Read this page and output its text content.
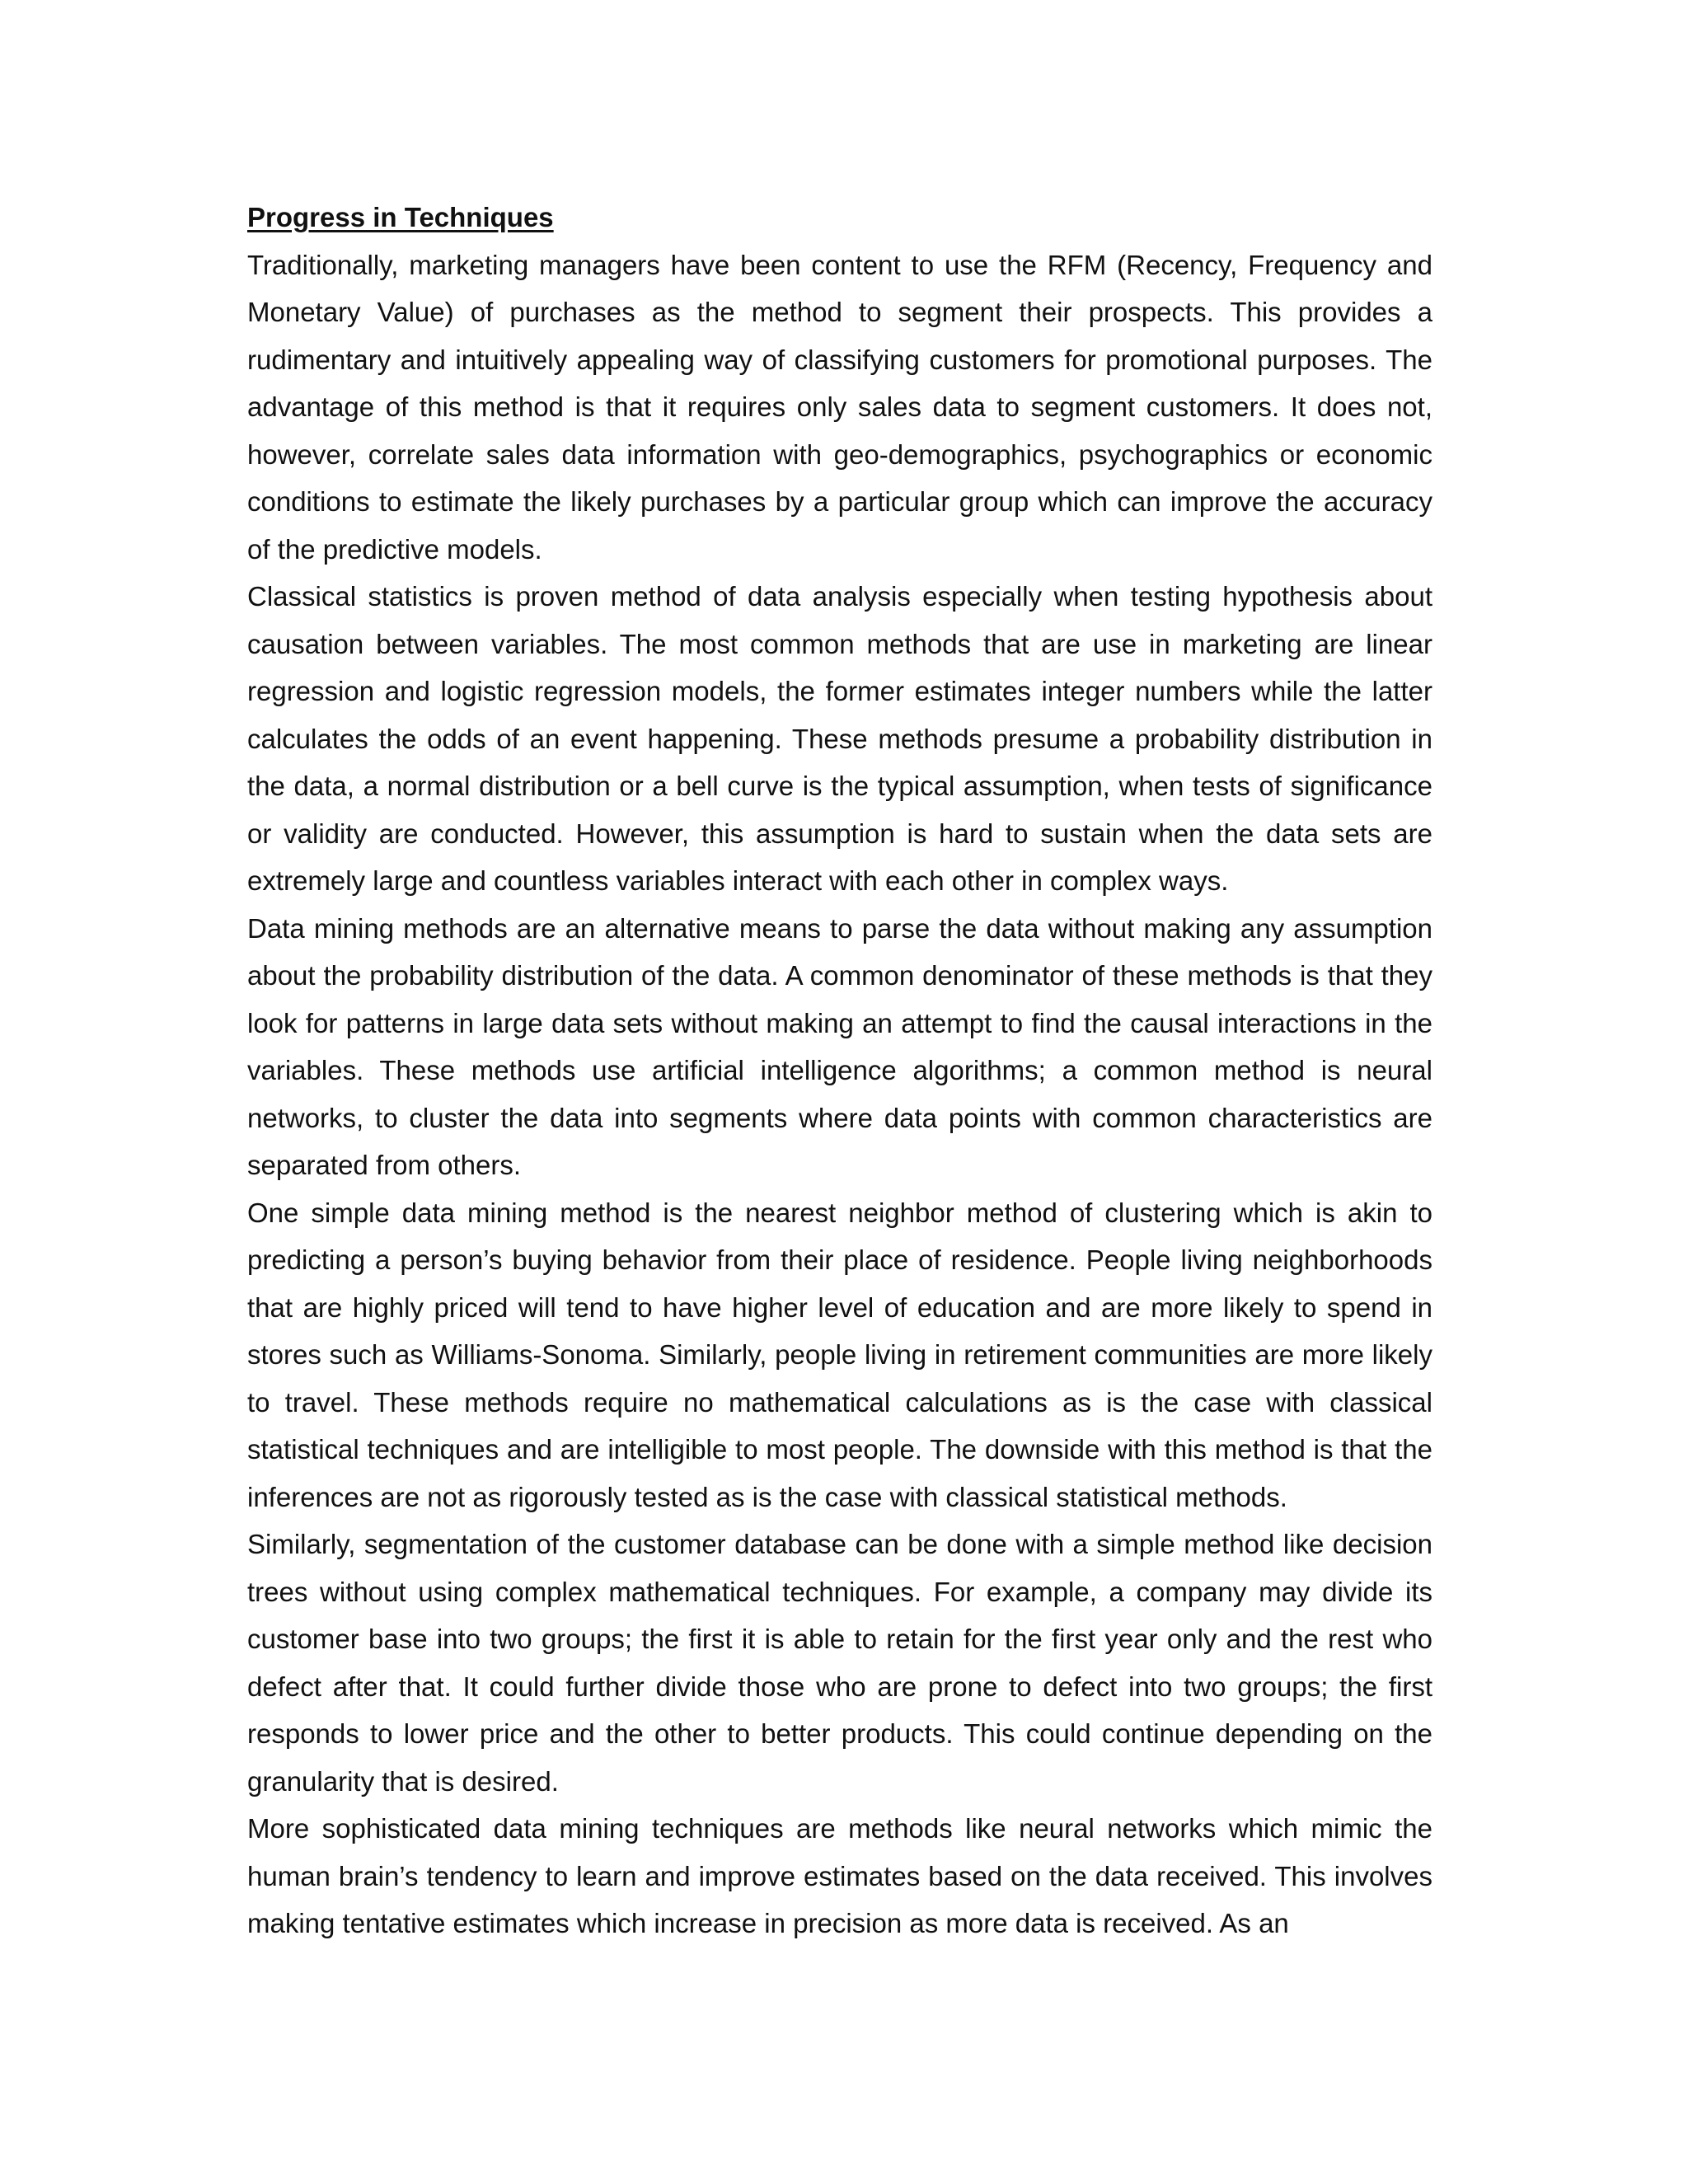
Progress in Techniques

Traditionally, marketing managers have been content to use the RFM (Recency, Frequency and Monetary Value) of purchases as the method to segment their prospects. This provides a rudimentary and intuitively appealing way of classifying customers for promotional purposes. The advantage of this method is that it requires only sales data to segment customers. It does not, however, correlate sales data information with geo-demographics, psychographics or economic conditions to estimate the likely purchases by a particular group which can improve the accuracy of the predictive models.

Classical statistics is proven method of data analysis especially when testing hypothesis about causation between variables. The most common methods that are use in marketing are linear regression and logistic regression models, the former estimates integer numbers while the latter calculates the odds of an event happening. These methods presume a probability distribution in the data, a normal distribution or a bell curve is the typical assumption, when tests of significance or validity are conducted. However, this assumption is hard to sustain when the data sets are extremely large and countless variables interact with each other in complex ways.

Data mining methods are an alternative means to parse the data without making any assumption about the probability distribution of the data. A common denominator of these methods is that they look for patterns in large data sets without making an attempt to find the causal interactions in the variables. These methods use artificial intelligence algorithms; a common method is neural networks, to cluster the data into segments where data points with common characteristics are separated from others.

One simple data mining method is the nearest neighbor method of clustering which is akin to predicting a person’s buying behavior from their place of residence. People living neighborhoods that are highly priced will tend to have higher level of education and are more likely to spend in stores such as Williams-Sonoma. Similarly, people living in retirement communities are more likely to travel. These methods require no mathematical calculations as is the case with classical statistical techniques and are intelligible to most people. The downside with this method is that the inferences are not as rigorously tested as is the case with classical statistical methods.

Similarly, segmentation of the customer database can be done with a simple method like decision trees without using complex mathematical techniques. For example, a company may divide its customer base into two groups; the first it is able to retain for the first year only and the rest who defect after that. It could further divide those who are prone to defect into two groups; the first responds to lower price and the other to better products. This could continue depending on the granularity that is desired.

More sophisticated data mining techniques are methods like neural networks which mimic the human brain’s tendency to learn and improve estimates based on the data received. This involves making tentative estimates which increase in precision as more data is received. As an
